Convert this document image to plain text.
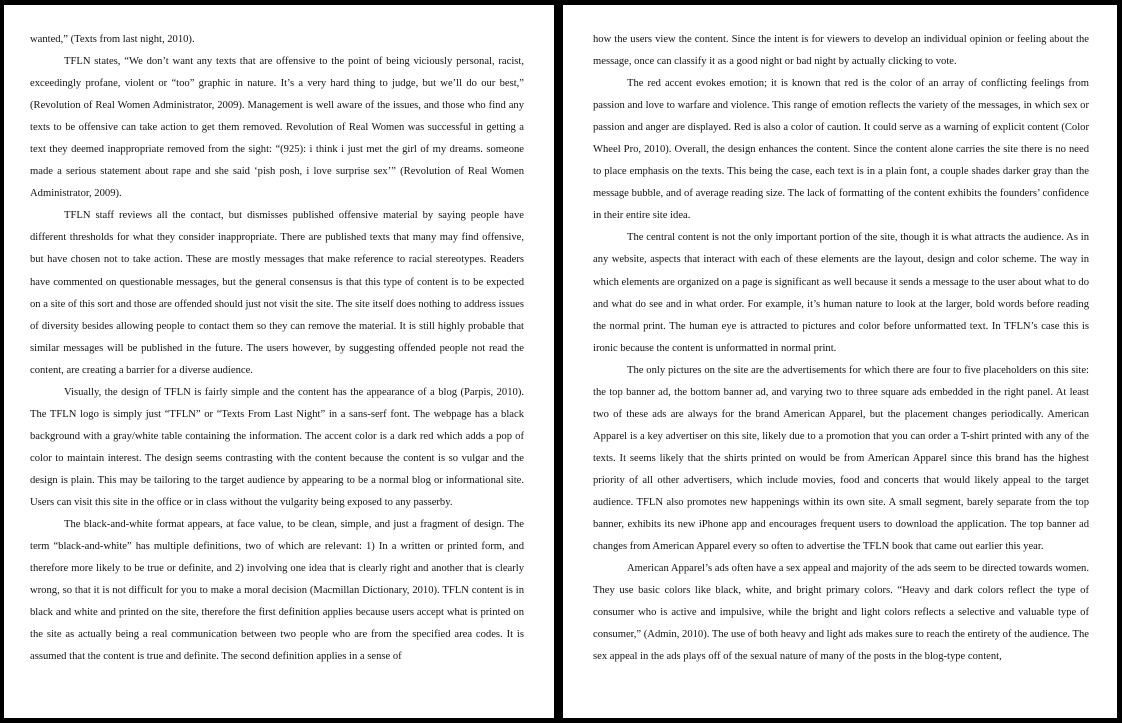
wanted,” (Texts from last night, 2010).

TFLN states, “We don’t want any texts that are offensive to the point of being viciously personal, racist, exceedingly profane, violent or “too” graphic in nature. It’s a very hard thing to judge, but we’ll do our best,” (Revolution of Real Women Administrator, 2009). Management is well aware of the issues, and those who find any texts to be offensive can take action to get them removed. Revolution of Real Women was successful in getting a text they deemed inappropriate removed from the sight: “(925): i think i just met the girl of my dreams. someone made a serious statement about rape and she said ‘pish posh, i love surprise sex’” (Revolution of Real Women Administrator, 2009).

TFLN staff reviews all the contact, but dismisses published offensive material by saying people have different thresholds for what they consider inappropriate. There are published texts that many may find offensive, but have chosen not to take action. These are mostly messages that make reference to racial stereotypes. Readers have commented on questionable messages, but the general consensus is that this type of content is to be expected on a site of this sort and those are offended should just not visit the site. The site itself does nothing to address issues of diversity besides allowing people to contact them so they can remove the material. It is still highly probable that similar messages will be published in the future. The users however, by suggesting offended people not read the content, are creating a barrier for a diverse audience.

Visually, the design of TFLN is fairly simple and the content has the appearance of a blog (Parpis, 2010). The TFLN logo is simply just “TFLN” or “Texts From Last Night” in a sans-serf font. The webpage has a black background with a gray/white table containing the information. The accent color is a dark red which adds a pop of color to maintain interest. The design seems contrasting with the content because the content is so vulgar and the design is plain. This may be tailoring to the target audience by appearing to be a normal blog or informational site. Users can visit this site in the office or in class without the vulgarity being exposed to any passerby.

The black-and-white format appears, at face value, to be clean, simple, and just a fragment of design. The term “black-and-white” has multiple definitions, two of which are relevant: 1) In a written or printed form, and therefore more likely to be true or definite, and 2) involving one idea that is clearly right and another that is clearly wrong, so that it is not difficult for you to make a moral decision (Macmillan Dictionary, 2010). TFLN content is in black and white and printed on the site, therefore the first definition applies because users accept what is printed on the site as actually being a real communication between two people who are from the specified area codes. It is assumed that the content is true and definite. The second definition applies in a sense of

how the users view the content. Since the intent is for viewers to develop an individual opinion or feeling about the message, once can classify it as a good night or bad night by actually clicking to vote.

The red accent evokes emotion; it is known that red is the color of an array of conflicting feelings from passion and love to warfare and violence. This range of emotion reflects the variety of the messages, in which sex or passion and anger are displayed. Red is also a color of caution. It could serve as a warning of explicit content (Color Wheel Pro, 2010). Overall, the design enhances the content. Since the content alone carries the site there is no need to place emphasis on the texts. This being the case, each text is in a plain font, a couple shades darker gray than the message bubble, and of average reading size. The lack of formatting of the content exhibits the founders’ confidence in their entire site idea.

The central content is not the only important portion of the site, though it is what attracts the audience. As in any website, aspects that interact with each of these elements are the layout, design and color scheme. The way in which elements are organized on a page is significant as well because it sends a message to the user about what to do and what do see and in what order. For example, it’s human nature to look at the larger, bold words before reading the normal print. The human eye is attracted to pictures and color before unformatted text. In TFLN’s case this is ironic because the content is unformatted in normal print.

The only pictures on the site are the advertisements for which there are four to five placeholders on this site: the top banner ad, the bottom banner ad, and varying two to three square ads embedded in the right panel. At least two of these ads are always for the brand American Apparel, but the placement changes periodically. American Apparel is a key advertiser on this site, likely due to a promotion that you can order a T-shirt printed with any of the texts. It seems likely that the shirts printed on would be from American Apparel since this brand has the highest priority of all other advertisers, which include movies, food and concerts that would likely appeal to the target audience. TFLN also promotes new happenings within its own site. A small segment, barely separate from the top banner, exhibits its new iPhone app and encourages frequent users to download the application. The top banner ad changes from American Apparel every so often to advertise the TFLN book that came out earlier this year.

American Apparel’s ads often have a sex appeal and majority of the ads seem to be directed towards women. They use basic colors like black, white, and bright primary colors. “Heavy and dark colors reflect the type of consumer who is active and impulsive, while the bright and light colors reflects a selective and valuable type of consumer,” (Admin, 2010). The use of both heavy and light ads makes sure to reach the entirety of the audience. The sex appeal in the ads plays off of the sexual nature of many of the posts in the blog-type content,
